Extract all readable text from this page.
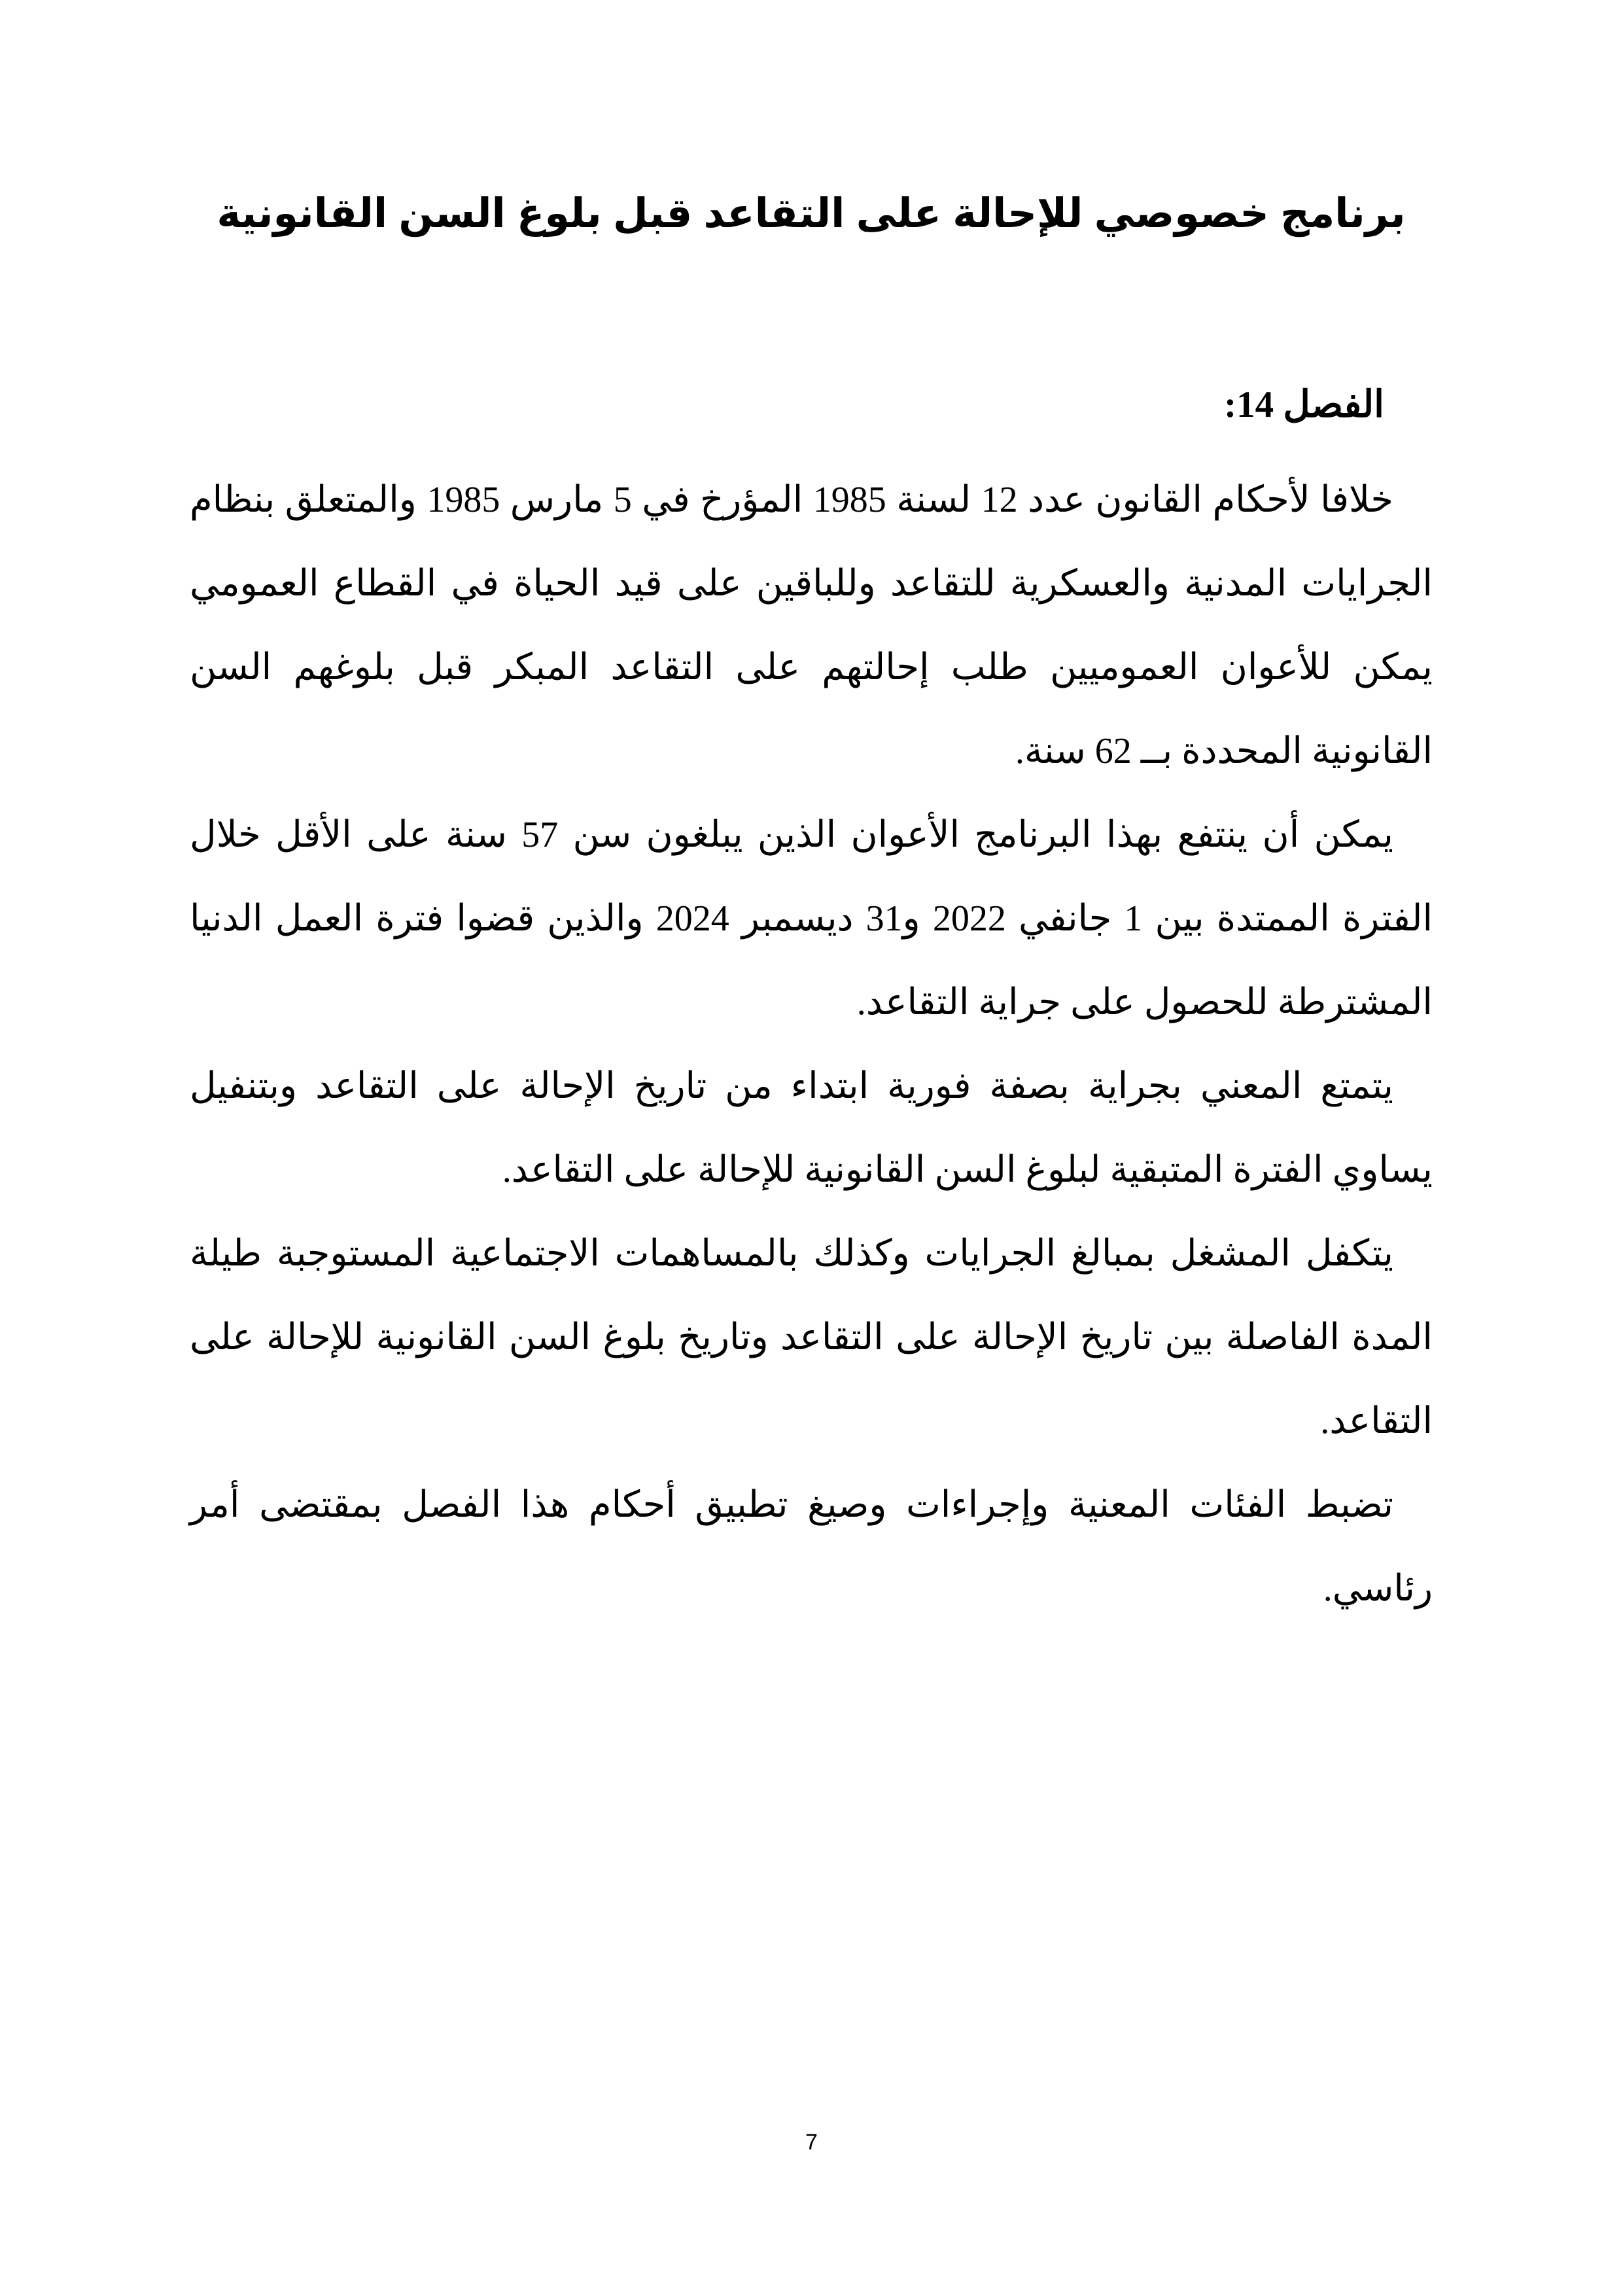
برنامج خصوصي للإحالة على التقاعد قبل بلوغ السن القانونية
الفصل 14:

خلافا لأحكام القانون عدد 12 لسنة 1985 المؤرخ في 5 مارس 1985 والمتعلق بنظام الجرايات المدنية والعسكرية للتقاعد وللباقين على قيد الحياة في القطاع العمومي يمكن للأعوان العموميين طلب إحالتهم على التقاعد المبكر قبل بلوغهم السن القانونية المحددة بــ 62 سنة.

يمكن أن ينتفع بهذا البرنامج الأعوان الذين يبلغون سن 57 سنة على الأقل خلال الفترة الممتدة بين 1 جانفي 2022 و31 ديسمبر 2024 والذين قضوا فترة العمل الدنيا المشترطة للحصول على جراية التقاعد.

يتمتع المعني بجراية بصفة فورية ابتداء من تاريخ الإحالة على التقاعد وبتنفيل يساوي الفترة المتبقية لبلوغ السن القانونية للإحالة على التقاعد.

يتكفل المشغل بمبالغ الجرايات وكذلك بالمساهمات الاجتماعية المستوجبة طيلة المدة الفاصلة بين تاريخ الإحالة على التقاعد وتاريخ بلوغ السن القانونية للإحالة على التقاعد.

تضبط الفئات المعنية وإجراءات وصيغ تطبيق أحكام هذا الفصل بمقتضى أمر رئاسي.

7
